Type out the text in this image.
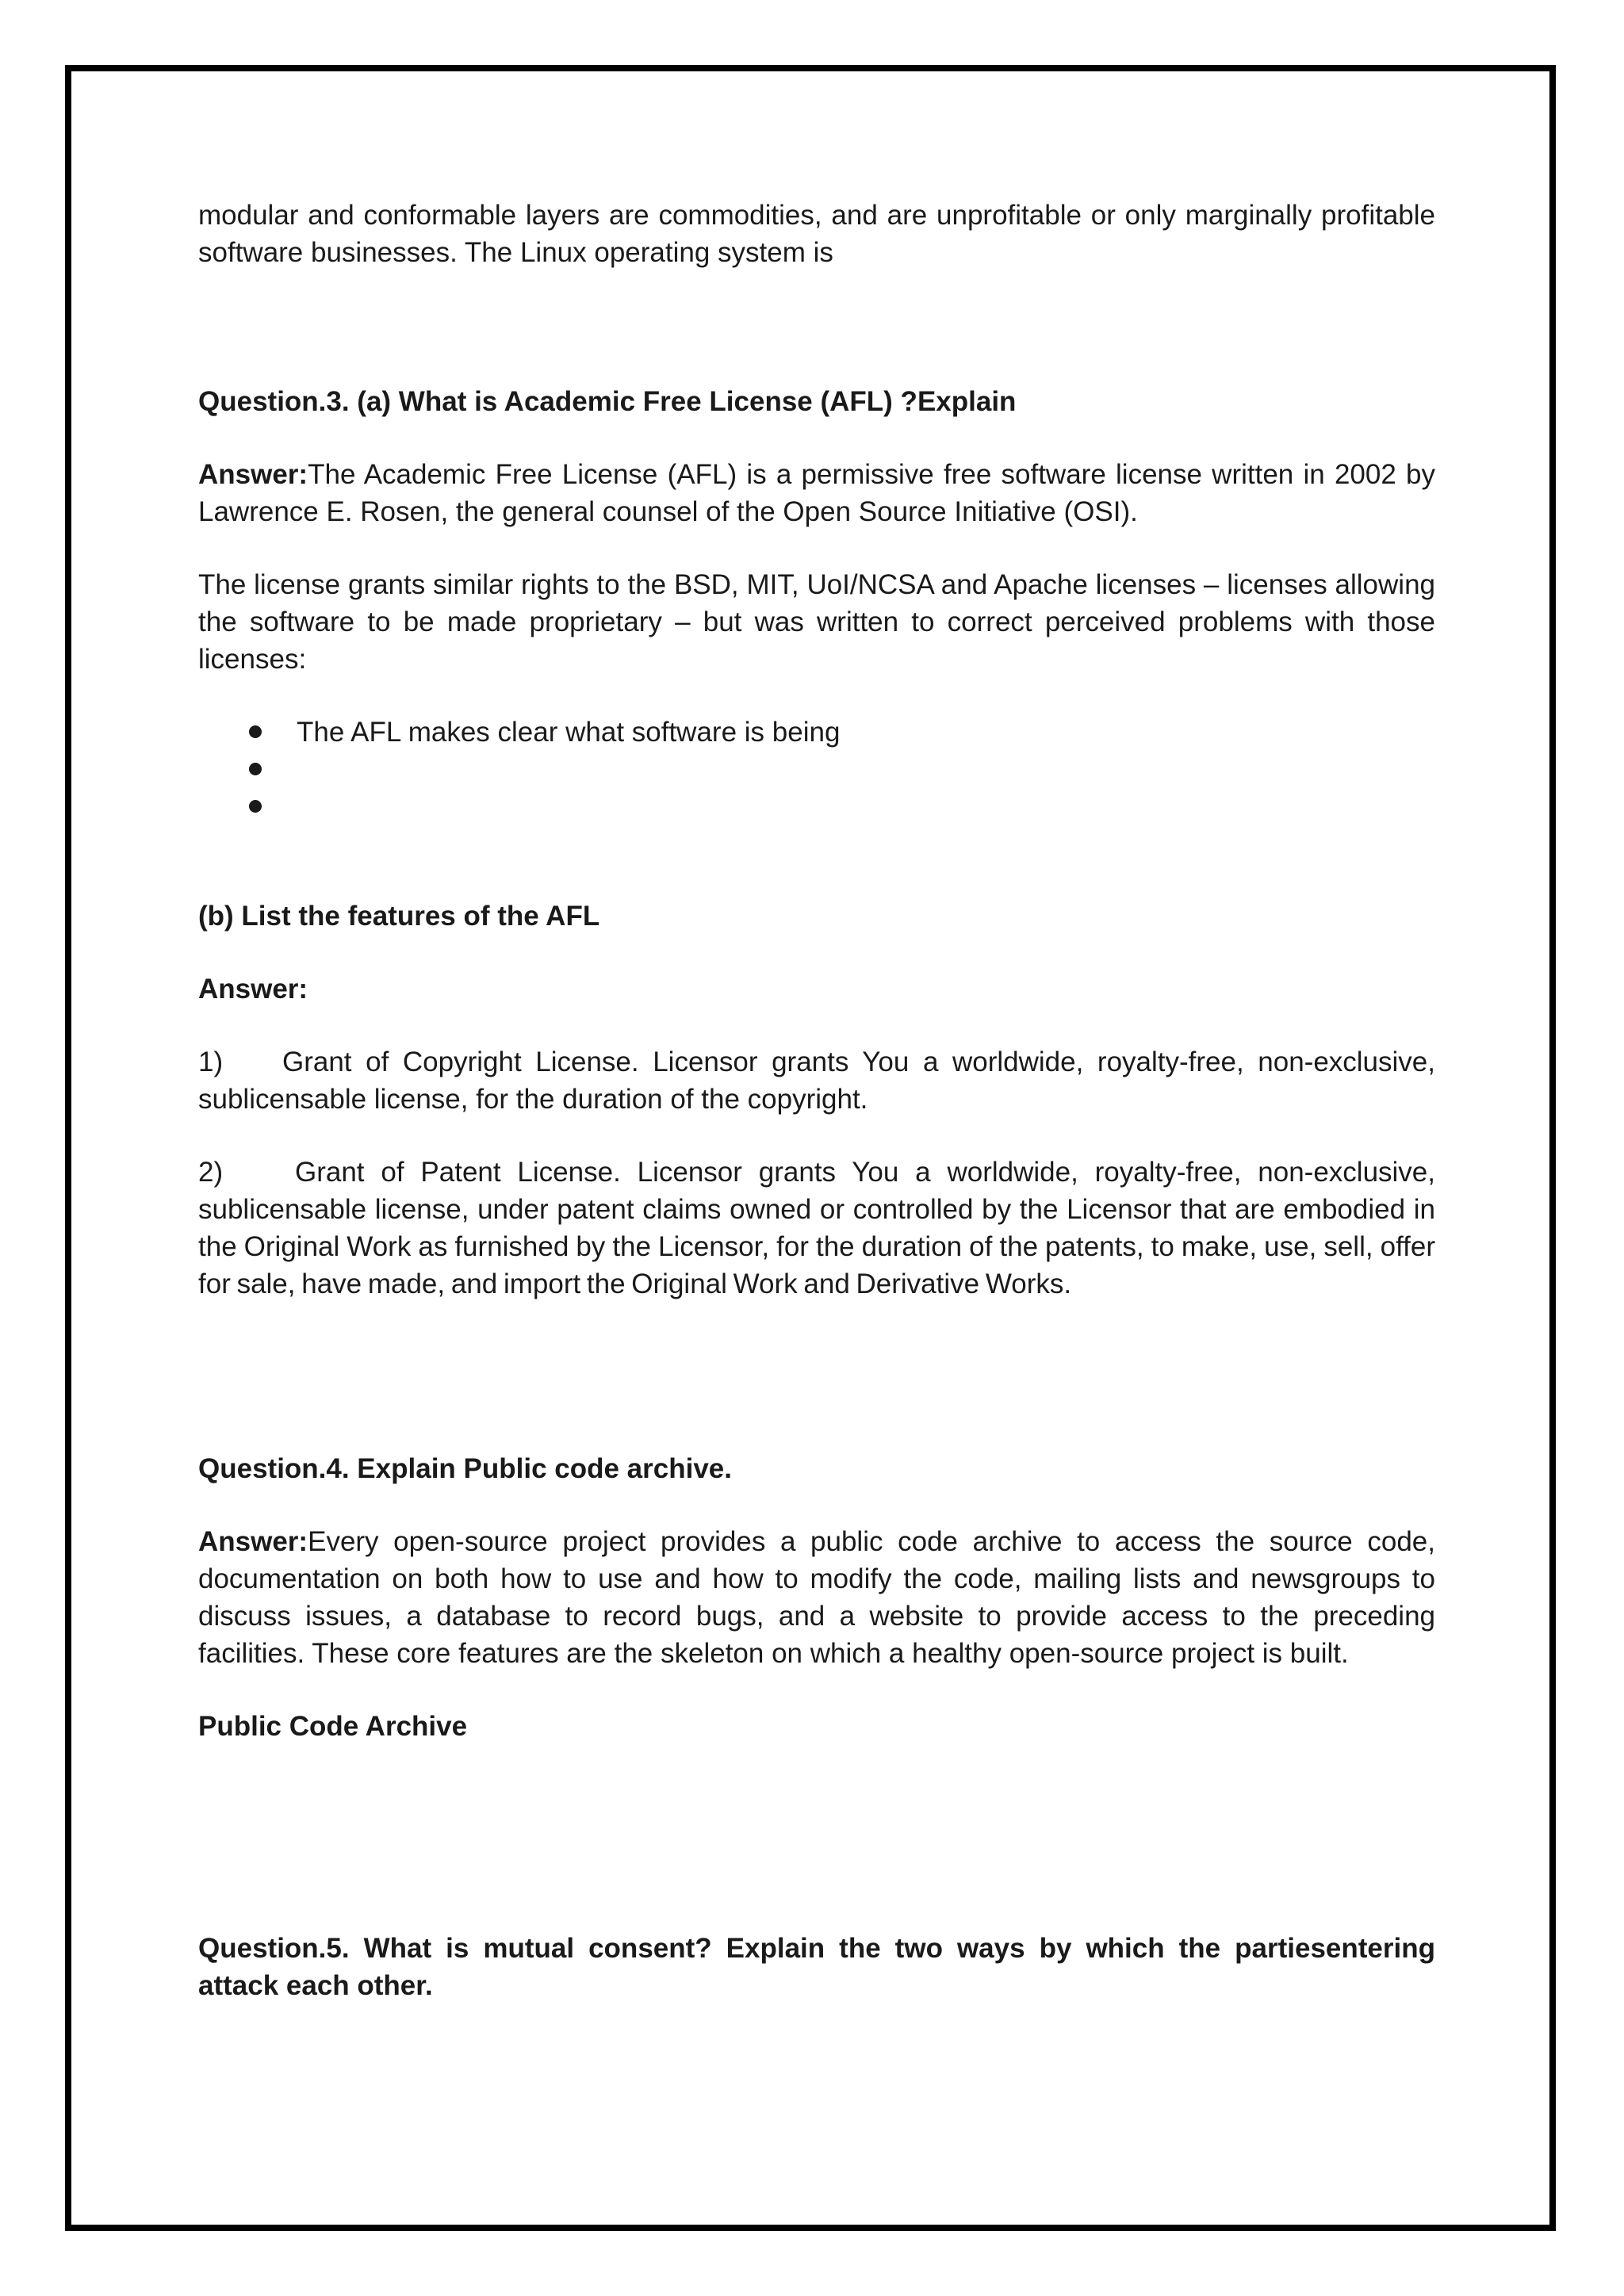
modular and conformable layers are commodities, and are unprofitable or only marginally profitable

software businesses. The Linux operating system is

Question.3. (a) What is Academic Free License (AFL) ?Explain

Answer:The Academic Free License (AFL) is a permissive free software license written in 2002 by Lawrence E. Rosen, the general counsel of the Open Source Initiative (OSI).

The license grants similar rights to the BSD, MIT, UoI/NCSA and Apache licenses – licenses allowing the software to be made proprietary – but was written to correct perceived problems with those licenses:

The AFL makes clear what software is being

(b) List the features of the AFL

Answer:

1) Grant of Copyright License. Licensor grants You a worldwide, royalty-free, non-exclusive, sublicensable license, for the duration of the copyright.

2)	Grant of Patent License. Licensor grants You a worldwide, royalty-free, non-exclusive, sublicensable license, under patent claims owned or controlled by the Licensor that are embodied in the Original Work as furnished by the Licensor, for the duration of the patents, to make, use, sell, offer for sale, have made, and import the Original Work and Derivative Works.

Question.4. Explain Public code archive.

Answer:Every open-source project provides a public code archive to access the source code, documentation on both how to use and how to modify the code, mailing lists and newsgroups to discuss issues, a database to record bugs, and a website to provide access to the preceding facilities. These core features are the skeleton on which a healthy open-source project is built.

Public Code Archive

Question.5. What is mutual consent? Explain the two ways by which the partiesentering attack each other.
